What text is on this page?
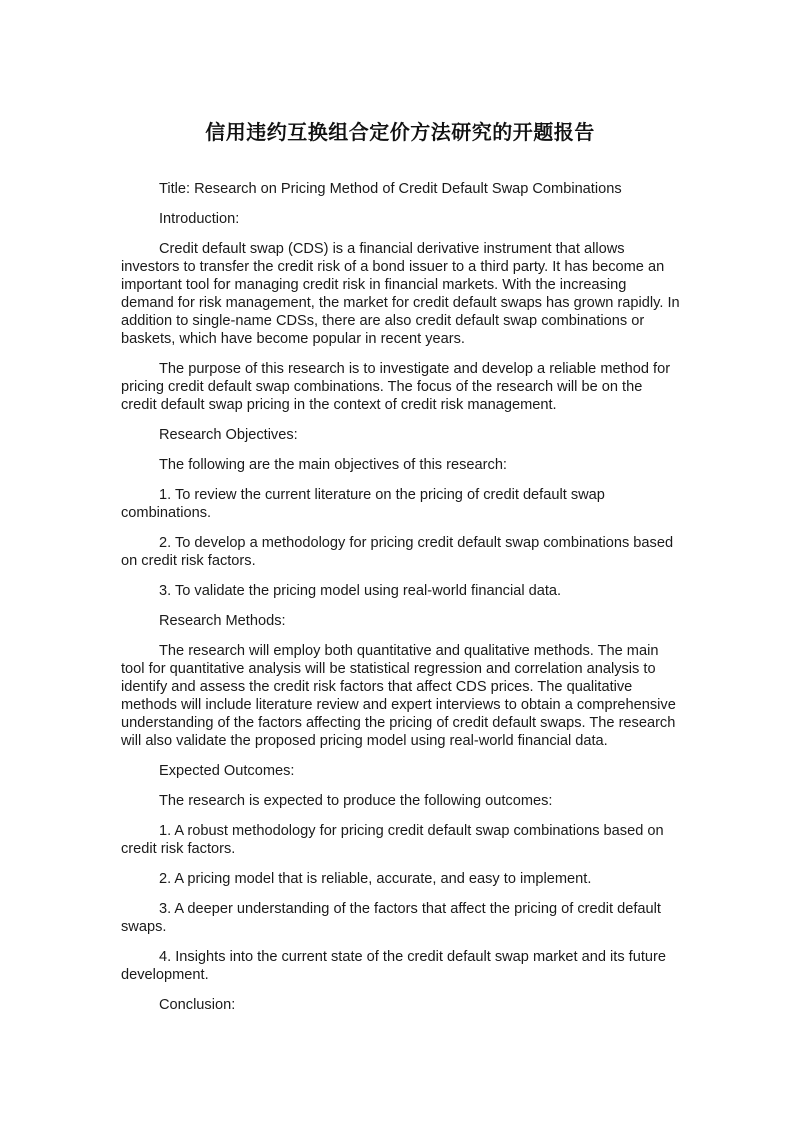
信用违约互换组合定价方法研究的开题报告

Title: Research on Pricing Method of Credit Default Swap Combinations

Introduction:

Credit default swap (CDS) is a financial derivative instrument that allows investors to transfer the credit risk of a bond issuer to a third party. It has become an important tool for managing credit risk in financial markets. With the increasing demand for risk management, the market for credit default swaps has grown rapidly. In addition to single-name CDSs, there are also credit default swap combinations or baskets, which have become popular in recent years.

The purpose of this research is to investigate and develop a reliable method for pricing credit default swap combinations. The focus of the research will be on the credit default swap pricing in the context of credit risk management.

Research Objectives:

The following are the main objectives of this research:

1. To review the current literature on the pricing of credit default swap combinations.

2. To develop a methodology for pricing credit default swap combinations based on credit risk factors.

3. To validate the pricing model using real-world financial data.

Research Methods:

The research will employ both quantitative and qualitative methods. The main tool for quantitative analysis will be statistical regression and correlation analysis to identify and assess the credit risk factors that affect CDS prices. The qualitative methods will include literature review and expert interviews to obtain a comprehensive understanding of the factors affecting the pricing of credit default swaps. The research will also validate the proposed pricing model using real-world financial data.

Expected Outcomes:

The research is expected to produce the following outcomes:

1. A robust methodology for pricing credit default swap combinations based on credit risk factors.

2. A pricing model that is reliable, accurate, and easy to implement.

3. A deeper understanding of the factors that affect the pricing of credit default swaps.

4. Insights into the current state of the credit default swap market and its future development.

Conclusion:
